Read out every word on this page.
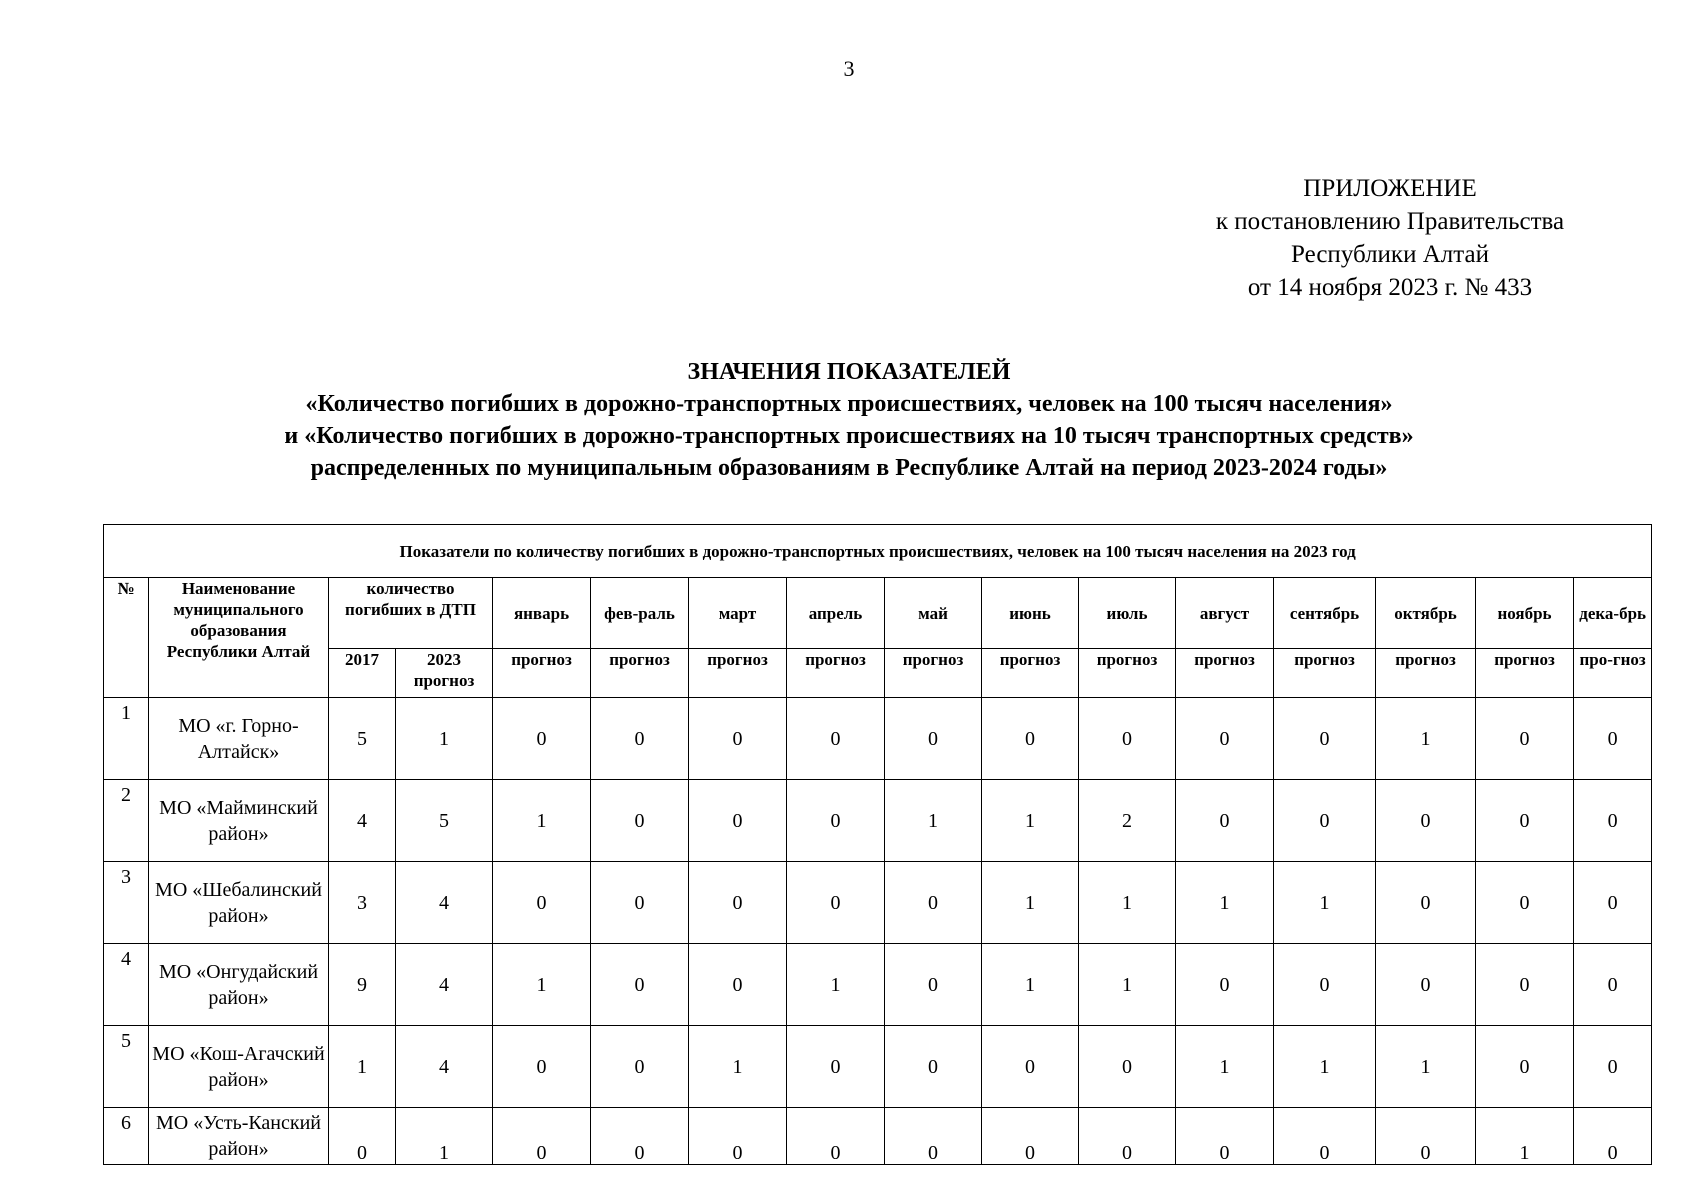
3
ПРИЛОЖЕНИЕ
к постановлению Правительства
Республики Алтай
от 14 ноября 2023 г. № 433
ЗНАЧЕНИЯ ПОКАЗАТЕЛЕЙ
«Количество погибших в дорожно-транспортных происшествиях, человек на 100 тысяч населения»
и «Количество погибших в дорожно-транспортных происшествиях на 10 тысяч транспортных средств»
распределенных по муниципальным образованиям в Республике Алтай на период 2023-2024 годы»
Показатели по количеству погибших в дорожно-транспортных происшествиях, человек на 100 тысяч населения на 2023 год															
№	Наименование муниципального образования Республики Алтай	количество погибших в ДТП		январь	фев-раль	март	апрель	май	июнь	июль	август	сентябрь	октябрь	ноябрь	дека-брь
		2017	2023 прогноз	прогноз	прогноз	прогноз	прогноз	прогноз	прогноз	прогноз	прогноз	прогноз	прогноз	прогноз	про-гноз
1	МО «г. Горно-Алтайск»	5	1	0	0	0	0	0	0	0	0	0	1	0	0
2	МО «Майминский район»	4	5	1	0	0	0	1	1	2	0	0	0	0	0
3	МО «Шебалинский район»	3	4	0	0	0	0	0	1	1	1	1	0	0	0
4	МО «Онгудайский район»	9	4	1	0	0	1	0	1	1	0	0	0	0	0
5	МО «Кош-Агачский район»	1	4	0	0	1	0	0	0	0	1	1	1	0	0
6	МО «Усть-Канский район»	0	1	0	0	0	0	0	0	0	0	0	0	1	0
